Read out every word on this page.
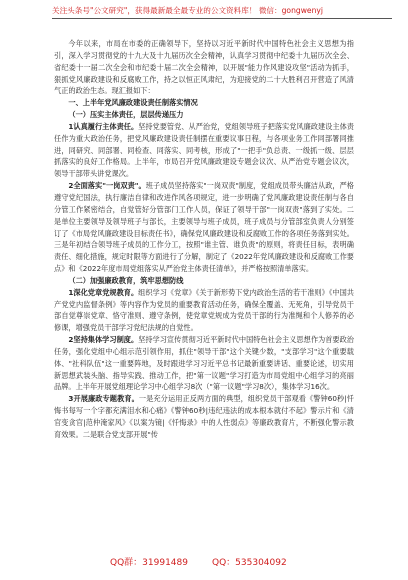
关注头条号"公文研究"，获得最新最全最专业的公文资料库！ 微信：gongwenyj

今年以来，市局在市委的正确领导下，坚持以习近平新时代中国特色社会主义思想为指引，深入学习贯彻党的十九大及十九届历次全会精神，认真学习贯彻中纪委十九届历次全会、省纪委十一届二次全会和市纪委十届二次全会精神，以开展"能力作风建设攻坚"活动为抓手，狠抓党风廉政建设和反腐败工作，持之以恒正风肃纪，为迎接党的二十大胜利召开营造了风清气正的政治生态。现汇报如下：

一、上半年党风廉政建设责任制落实情况

（一）压实主体责任，层层传递压力

1认真履行主体责任。坚持党要管党、从严治党，党组领导班子把落实党风廉政建设主体责任作为重大政治任务，把党风廉政建设责任制摆在重要议事日程，与各项业务工作同部署同推进，同研究、同部署、同检查、同落实、同考核，形成了"一把手"负总责、一级抓一级、层层抓落实的良好工作格局。上半年，市局召开党风廉政建设专题会议次、从严治党专题会议次，领导干部带头讲党课次。

2全面落实"一岗双责"。班子成员坚持落实"一岗双责"制度，党组成员带头廉洁从政，严格遵守党纪国法，执行廉洁自律和改进作风各项规定，进一步明确了党风廉政建设责任制与各自分管工作紧密结合，自觉管好分管部门工作人员，保证了领导干部"一岗双责"落到了实处。二是单位主要领导及领导班子与部长，主要领导与班子成员，班子成员与分管部室负责人分别签订了《市局党风廉政建设目标责任书》，确保党风廉政建设和反腐败工作的各项任务落到实处。三是年初结合领导班子成员的工作分工，按照"谁主管、谁负责"的原则，将责任目标，表明确责任、细化措施，规定时限等方面进行了分解，制定了《2022年党风廉政建设和反腐败工作要点》和《2022年度市局党组落实从严治党主体责任清单》，并严格按照清单落实。

（二）加强廉政教育，筑牢思想防线

1深化党章党规教育。组织学习《党章》《关于新形势下党内政治生活的若干准则》《中国共产党党内监督条例》等内容作为党员的重要教育活动任务，确保全覆盖、无死角，引导党员干部自觉尊崇党章、恪守准则、遵守条例，使党章党规成为党员干部的行为准绳和个人修养的必修课，增强党员干部学习党纪法规的自觉性。

2坚持集体学习制度。坚持学习宣传贯彻习近平新时代中国特色社会主义思想作为首要政治任务，强化党组中心组示范引领作用，抓住"领导干部"这个关键少数，"支部学习"这个重要载体、"社科队伍"这一重要阵地，及时跟进学习习近平总书记最新重要讲话、重要论述，切实用新思想武装头脑、指导实践、推动工作，把"第一议题"学习打造为市局党组中心组学习的亮丽品牌。上半年开展党组理论学习中心组学习8次（"第一议题"学习8次），集体学习16次。

3开展廉政专题教育。一是充分运用正反两方面的典型，组织党员干部观看《警钟60秒|忏悔书每写一个字都充满泪水和心痛》《警钟60秒|违纪违法的成本根本就付不起》警示片和《清官变贪官|范仲淹家风》《以案为镜|《忏悔录》中的人性弱点》等廉政教育片，不断强化警示教育效果。二是联合党支部开展"传

QQ群：31991489	QQ：535304092
